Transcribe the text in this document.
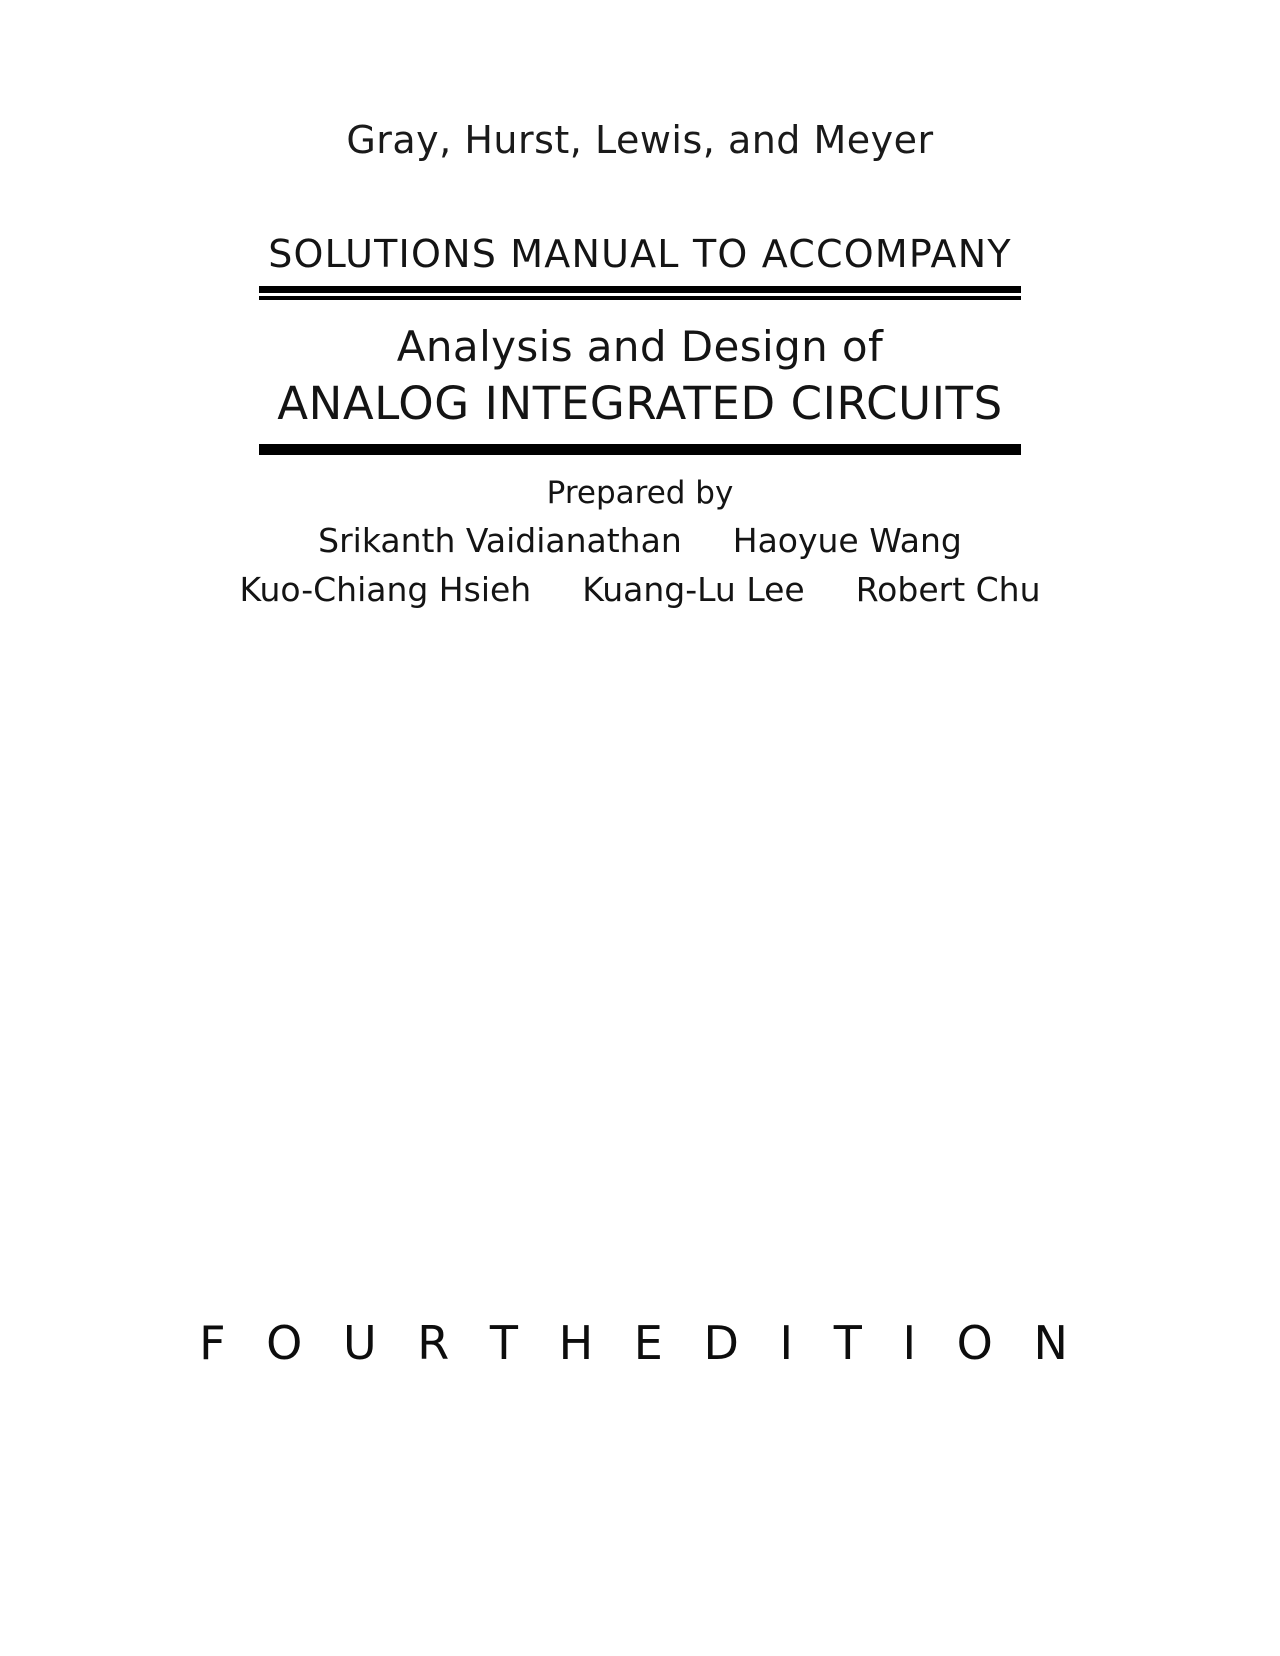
Gray, Hurst, Lewis, and Meyer
SOLUTIONS MANUAL TO ACCOMPANY
Analysis and Design of
ANALOG INTEGRATED CIRCUITS
Prepared by
Srikanth Vaidianathan Haoyue Wang
Kuo-Chiang Hsieh Kuang-Lu Lee Robert Chu
F O U R T H E D I T I O N
